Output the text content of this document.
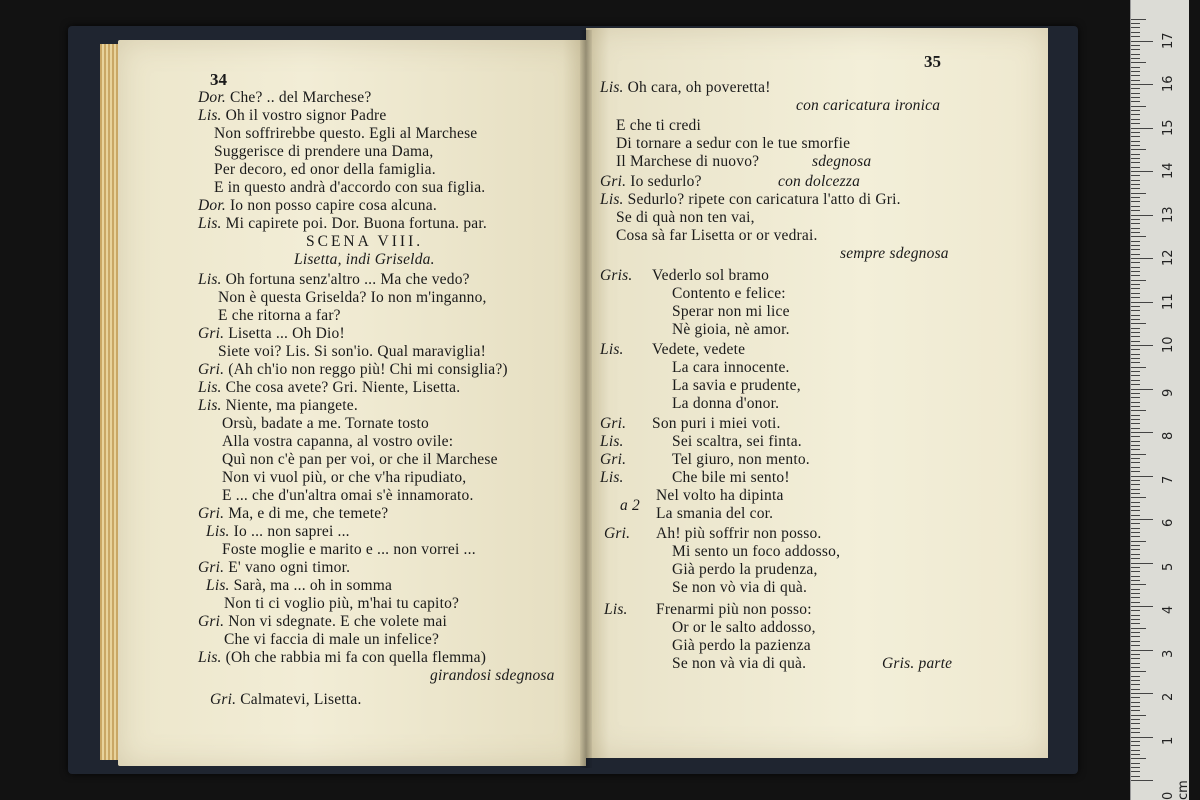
34
Dor. Che? .. del Marchese?
Lis. Oh il vostro signor Padre
Non soffrirebbe questo. Egli al Marchese
Suggerisce di prendere una Dama,
Per decoro, ed onor della famiglia.
E in questo andrà d'accordo con sua figlia.
Dor. Io non posso capire cosa alcuna.
Lis. Mi capirete poi. Dor. Buona fortuna. par.
SCENA VIII.
Lisetta, indi Griselda.
Lis. Oh fortuna senz'altro ... Ma che vedo?
Non è questa Griselda? Io non m'inganno,
E che ritorna a far?
Gri. Lisetta ... Oh Dio!
Siete voi? Lis. Si son'io. Qual maraviglia!
Gri. (Ah ch'io non reggo più! Chi mi consiglia?)
Lis. Che cosa avete? Gri. Niente, Lisetta.
Lis. Niente, ma piangete.
Orsù, badate a me. Tornate tosto
Alla vostra capanna, al vostro ovile:
Quì non c'è pan per voi, or che il Marchese
Non vi vuol più, or che v'ha ripudiato,
E ... che d'un'altra omai s'è innamorato.
Gri. Ma, e di me, che temete?
Lis. Io ... non saprei ...
Foste moglie e marito e ... non vorrei ...
Gri. E' vano ogni timor.
Lis. Sarà, ma ... oh in somma
Non ti ci voglio più, m'hai tu capito?
Gri. Non vi sdegnate. E che volete mai
Che vi faccia di male un infelice?
Lis. (Oh che rabbia mi fa con quella flemma)
girandosi sdegnosa
Gri. Calmatevi, Lisetta.
35
Lis. Oh cara, oh poveretta!
con caricatura ironica
E che ti credi
Di tornare a sedur con le tue smorfie
Il Marchese di nuovo?	sdegnosa
Gri. Io sedurlo?	con dolcezza
Lis. Sedurlo? ripete con caricatura l'atto di Gri.
Se di quà non ten vai,
Cosa sà far Lisetta or or vedrai.
sempre sdegnosa
Gris. Vederlo sol bramo
Contento e felice:
Sperar non mi lice
Nè gioia, nè amor.
Lis. Vedete, vedete
La cara innocente.
La savia e prudente,
La donna d'onor.
Gri. Son puri i miei voti.
Lis.	Sei scaltra, sei finta.
Gri.	Tel giuro, non mento.
Lis.	Che bile mi sento!
Nel volto ha dipinta
a 2 La smania del cor.
Gri. Ah! più soffrir non posso.
Mi sento un foco addosso,
Già perdo la prudenza,
Se non vò via di quà.
Lis. Frenarmi più non posso:
Or or le salto addosso,
Già perdo la pazienza
Se non và via di quà.	Gris. parte
0 cm
1
2
3
4
5
6
7
8
9
10
11
12
13
14
15
16
17
